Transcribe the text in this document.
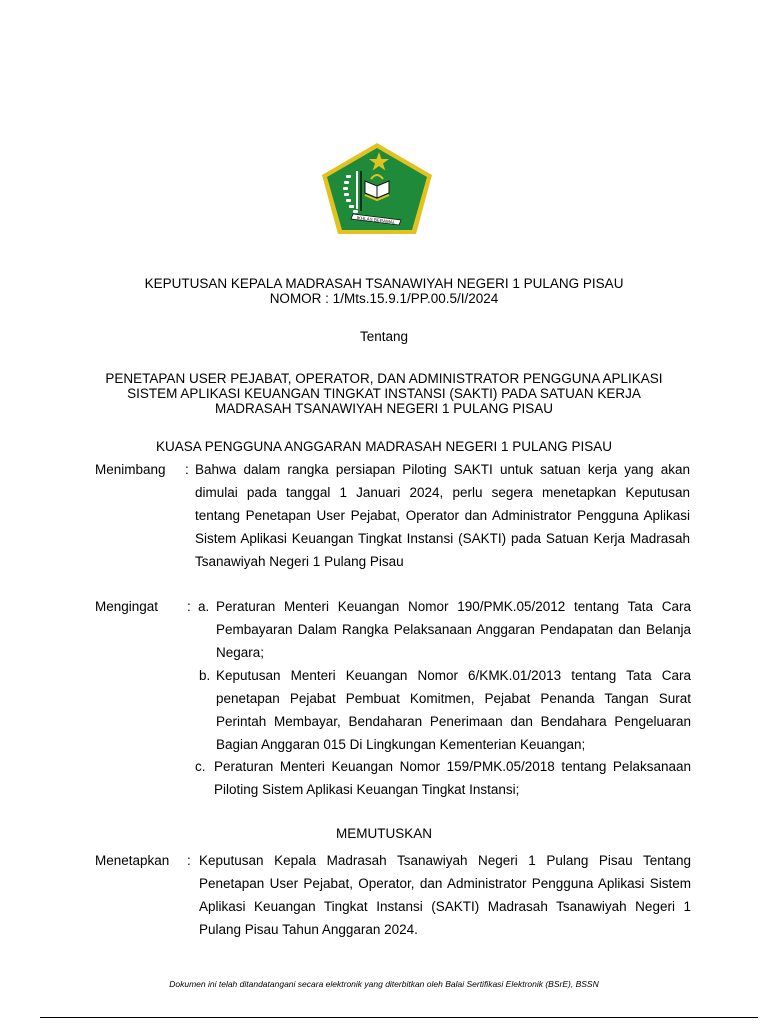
IKHLAS BERAMAL
KEPUTUSAN KEPALA MADRASAH TSANAWIYAH NEGERI 1 PULANG PISAU
NOMOR : 1/Mts.15.9.1/PP.00.5/I/2024
Tentang
PENETAPAN USER PEJABAT, OPERATOR, DAN ADMINISTRATOR PENGGUNA APLIKASI
SISTEM APLIKASI KEUANGAN TINGKAT INSTANSI (SAKTI) PADA SATUAN KERJA
MADRASAH TSANAWIYAH NEGERI 1 PULANG PISAU
KUASA PENGGUNA ANGGARAN MADRASAH NEGERI 1 PULANG PISAU
Menimbang : Bahwa dalam rangka persiapan Piloting SAKTI untuk satuan kerja yang akan dimulai pada tanggal 1 Januari 2024, perlu segera menetapkan Keputusan tentang Penetapan User Pejabat, Operator dan Administrator Pengguna Aplikasi Sistem Aplikasi Keuangan Tingkat Instansi (SAKTI) pada Satuan Kerja Madrasah Tsanawiyah Negeri 1 Pulang Pisau
Mengingat : a. Peraturan Menteri Keuangan Nomor 190/PMK.05/2012 tentang Tata Cara Pembayaran Dalam Rangka Pelaksanaan Anggaran Pendapatan dan Belanja Negara;
b. Keputusan Menteri Keuangan Nomor 6/KMK.01/2013 tentang Tata Cara penetapan Pejabat Pembuat Komitmen, Pejabat Penanda Tangan Surat Perintah Membayar, Bendaharan Penerimaan dan Bendahara Pengeluaran Bagian Anggaran 015 Di Lingkungan Kementerian Keuangan;
c. Peraturan Menteri Keuangan Nomor 159/PMK.05/2018 tentang Pelaksanaan Piloting Sistem Aplikasi Keuangan Tingkat Instansi;
MEMUTUSKAN
Menetapkan : Keputusan Kepala Madrasah Tsanawiyah Negeri 1 Pulang Pisau Tentang Penetapan User Pejabat, Operator, dan Administrator Pengguna Aplikasi Sistem Aplikasi Keuangan Tingkat Instansi (SAKTI) Madrasah Tsanawiyah Negeri 1 Pulang Pisau Tahun Anggaran 2024.
Dokumen ini telah ditandatangani secara elektronik yang diterbitkan oleh Balai Sertifikasi Elektronik (BSrE), BSSN
